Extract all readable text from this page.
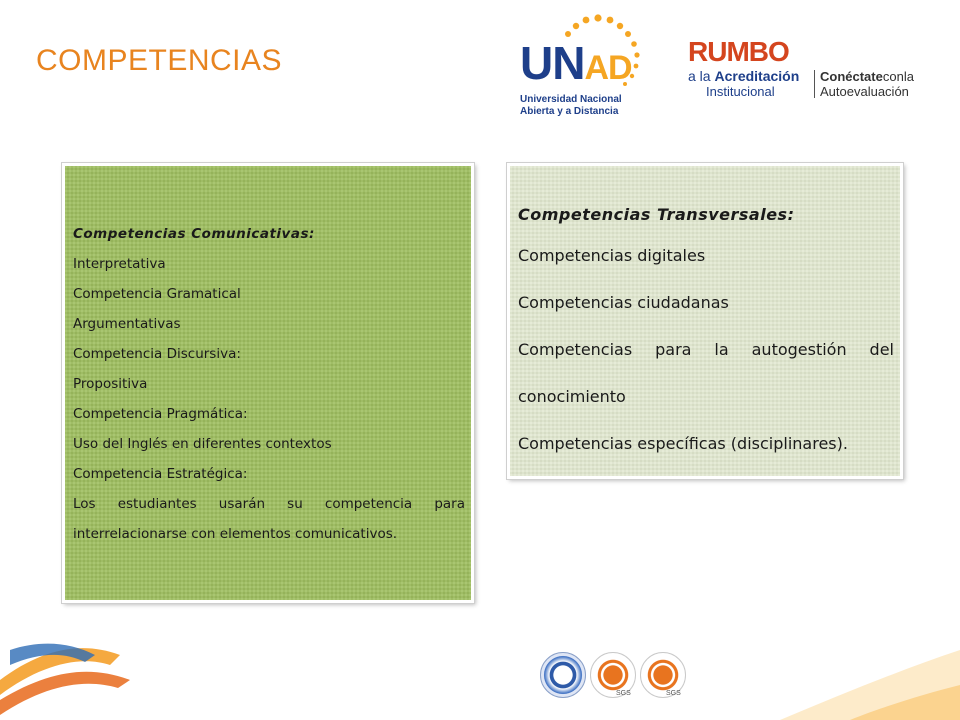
COMPETENCIAS	UNAD
Universidad Nacional
Abierta y a Distancia
RUMBO
a la Acreditación
Institucional
Conéctateconla
Autoevaluación

Competencias Comunicativas:

Interpretativa

Competencia Gramatical

Argumentativas

Competencia Discursiva:

Propositiva

Competencia Pragmática:

Uso del Inglés en diferentes contextos

Competencia Estratégica:

Los estudiantes usarán su competencia para interrelacionarse con elementos comunicativos.

Competencias Transversales:

Competencias digitales

Competencias ciudadanas

Competencias para la autogestión del conocimiento

Competencias específicas (disciplinares).

SGS	SGS
